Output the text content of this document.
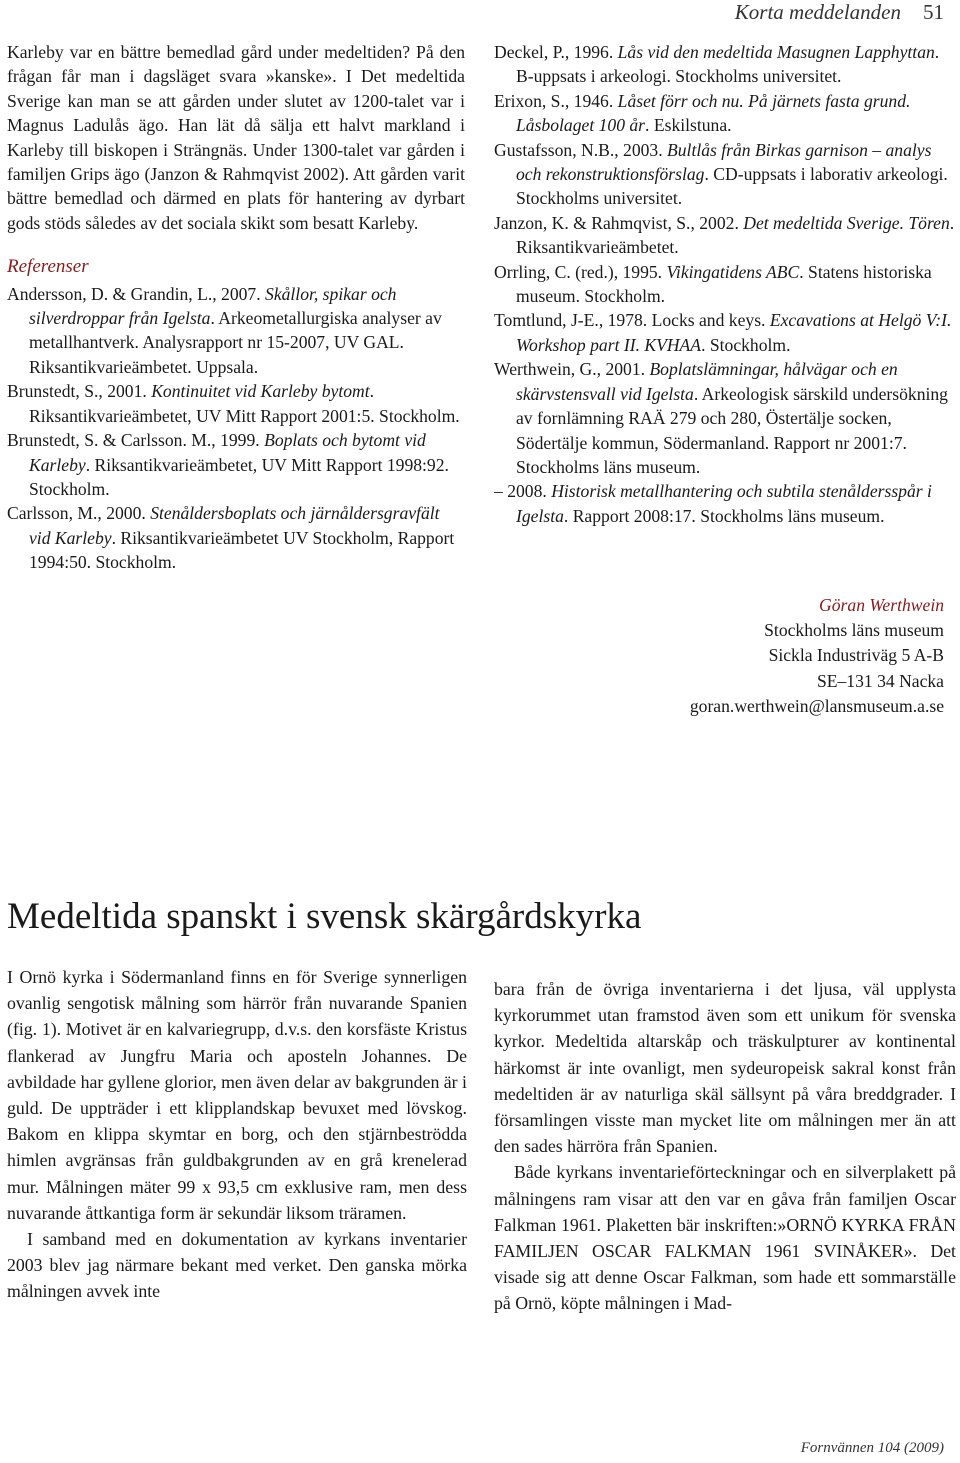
Korta meddelanden 51

Karleby var en bättre bemedlad gård under medeltiden? På den frågan får man i dagsläget svara »kanske». I Det medeltida Sverige kan man se att gården under slutet av 1200-talet var i Magnus Ladulås ägo. Han lät då sälja ett halvt markland i Karleby till biskopen i Strängnäs. Under 1300-talet var gården i familjen Grips ägo (Janzon & Rahmqvist 2002). Att gården varit bättre bemedlad och därmed en plats för hantering av dyrbart gods stöds således av det sociala skikt som besatt Karleby.

Referenser

Andersson, D. & Grandin, L., 2007. Skållor, spikar och silverdroppar från Igelsta. Arkeometallurgiska analyser av metallhantverk. Analysrapport nr 15-2007, UV GAL. Riksantikvarieämbetet. Uppsala.

Brunstedt, S., 2001. Kontinuitet vid Karleby bytomt. Riksantikvarieämbetet, UV Mitt Rapport 2001:5. Stockholm.

Brunstedt, S. & Carlsson. M., 1999. Boplats och bytomt vid Karleby. Riksantikvarieämbetet, UV Mitt Rapport 1998:92. Stockholm.

Carlsson, M., 2000. Stenåldersboplats och järnåldersgravfält vid Karleby. Riksantikvarieämbetet UV Stockholm, Rapport 1994:50. Stockholm.

Deckel, P., 1996. Lås vid den medeltida Masugnen Lapphyttan. B-uppsats i arkeologi. Stockholms universitet.

Erixon, S., 1946. Låset förr och nu. På järnets fasta grund. Låsbolaget 100 år. Eskilstuna.

Gustafsson, N.B., 2003. Bultlås från Birkas garnison – analys och rekonstruktionsförslag. CD-uppsats i laborativ arkeologi. Stockholms universitet.

Janzon, K. & Rahmqvist, S., 2002. Det medeltida Sverige. Tören. Riksantikvarieämbetet.

Orrling, C. (red.), 1995. Vikingatidens ABC. Statens historiska museum. Stockholm.

Tomtlund, J-E., 1978. Locks and keys. Excavations at Helgö V:I. Workshop part II. KVHAA. Stockholm.

Werthwein, G., 2001. Boplatslämningar, hålvägar och en skärvstensvall vid Igelsta. Arkeologisk särskild undersökning av fornlämning RAÄ 279 och 280, Östertälje socken, Södertälje kommun, Södermanland. Rapport nr 2001:7. Stockholms läns museum.

– 2008. Historisk metallhantering och subtila stenåldersspår i Igelsta. Rapport 2008:17. Stockholms läns museum.

Göran Werthwein
Stockholms läns museum
Sickla Industriväg 5 A-B
SE–131 34 Nacka
goran.werthwein@lansmuseum.a.se
Medeltida spanskt i svensk skärgårdskyrka

I Ornö kyrka i Södermanland finns en för Sverige synnerligen ovanlig sengotisk målning som härrör från nuvarande Spanien (fig. 1). Motivet är en kalvariegrupp, d.v.s. den korsfäste Kristus flankerad av Jungfru Maria och aposteln Johannes. De avbildade har gyllene glorior, men även delar av bakgrunden är i guld. De uppträder i ett klipplandskap bevuxet med lövskog. Bakom en klippa skymtar en borg, och den stjärnbeströdda himlen avgränsas från guldbakgrunden av en grå krenelerad mur. Målningen mäter 99 x 93,5 cm exklusive ram, men dess nuvarande åttkantiga form är sekundär liksom träramen.

I samband med en dokumentation av kyrkans inventarier 2003 blev jag närmare bekant med verket. Den ganska mörka målningen avvek inte

bara från de övriga inventarierna i det ljusa, väl upplysta kyrkorummet utan framstod även som ett unikum för svenska kyrkor. Medeltida altarskåp och träskulpturer av kontinental härkomst är inte ovanligt, men sydeuropeisk sakral konst från medeltiden är av naturliga skäl sällsynt på våra breddgrader. I församlingen visste man mycket lite om målningen mer än att den sades härröra från Spanien.

Både kyrkans inventarieförteckningar och en silverplakett på målningens ram visar att den var en gåva från familjen Oscar Falkman 1961. Plaketten bär inskriften:»ORNÖ KYRKA FRÅN FAMILJEN OSCAR FALKMAN 1961 SVINÅKER». Det visade sig att denne Oscar Falkman, som hade ett sommarställe på Ornö, köpte målningen i Mad-

Fornvännen 104 (2009)
